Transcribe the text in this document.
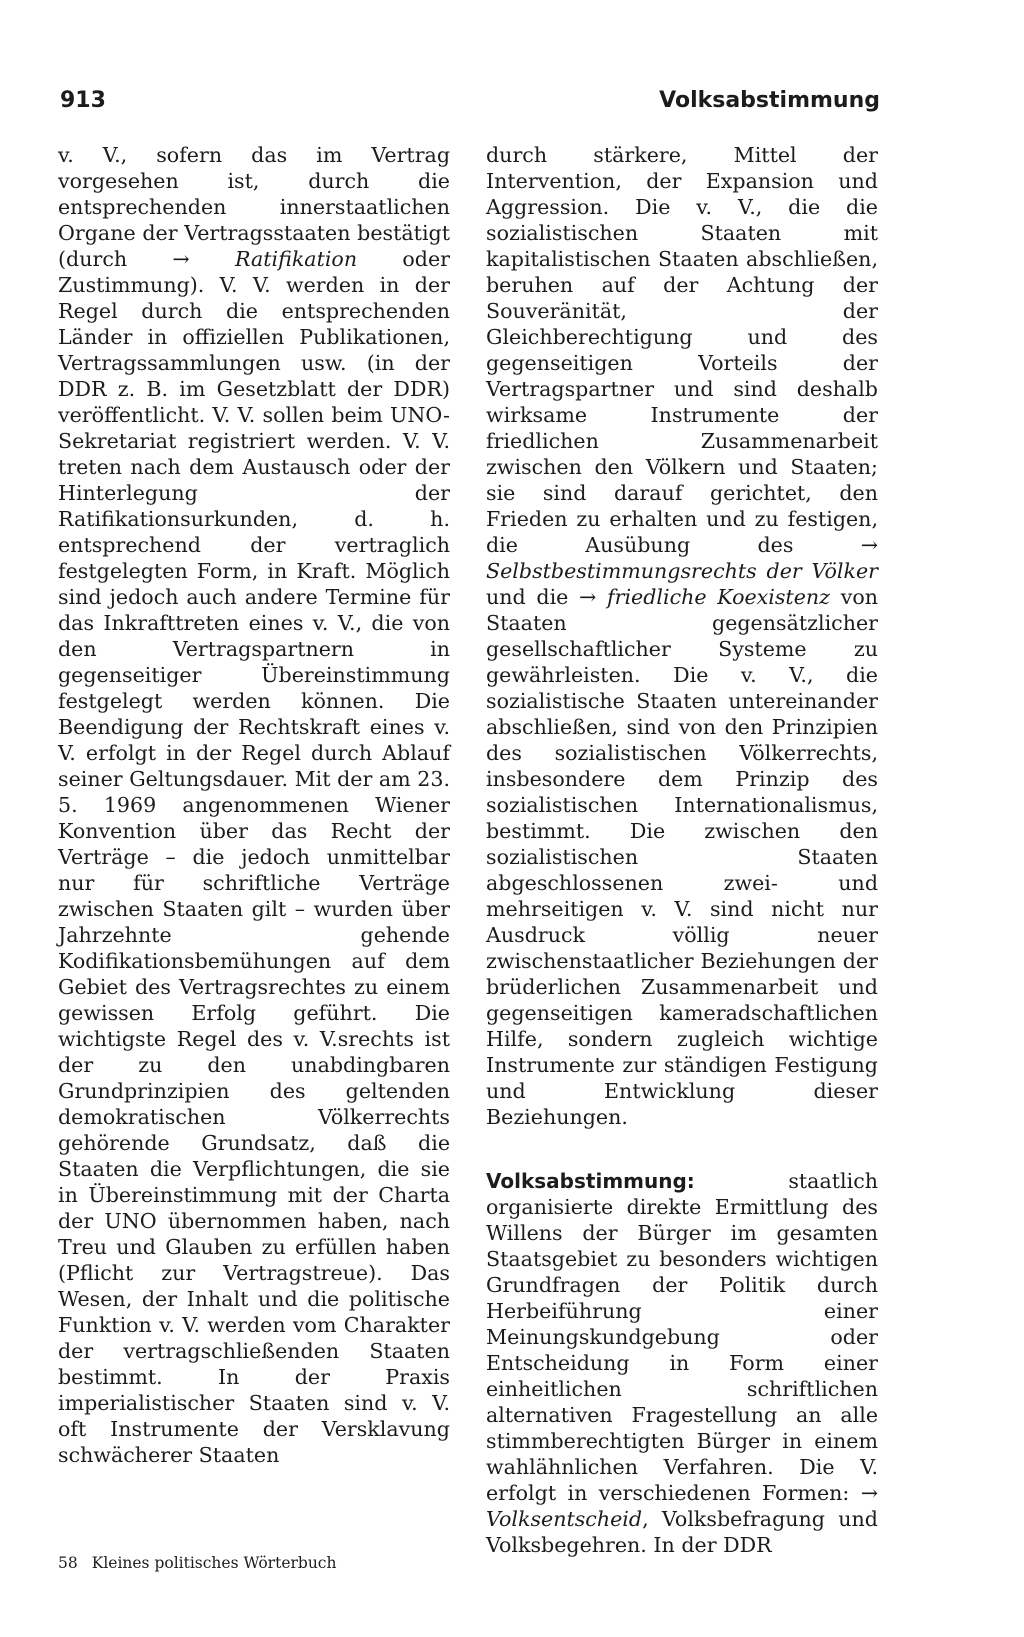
913	Volksabstimmung

v. V., sofern das im Vertrag vorgesehen ist, durch die entsprechenden innerstaatlichen Organe der Vertragsstaaten bestätigt (durch → Ratifikation oder Zustimmung). V. V. werden in der Regel durch die entsprechenden Länder in offiziellen Publikationen, Vertragssammlungen usw. (in der DDR z. B. im Gesetzblatt der DDR) veröffentlicht. V. V. sollen beim UNO-Sekretariat registriert werden. V. V. treten nach dem Austausch oder der Hinterlegung der Ratifikationsurkunden, d. h. entsprechend der vertraglich festgelegten Form, in Kraft. Möglich sind jedoch auch andere Termine für das Inkrafttreten eines v. V., die von den Vertragspartnern in gegenseitiger Übereinstimmung festgelegt werden können. Die Beendigung der Rechtskraft eines v. V. erfolgt in der Regel durch Ablauf seiner Geltungsdauer. Mit der am 23. 5. 1969 angenommenen Wiener Konvention über das Recht der Verträge – die jedoch unmittelbar nur für schriftliche Verträge zwischen Staaten gilt – wurden über Jahrzehnte gehende Kodifikationsbemühungen auf dem Gebiet des Vertragsrechtes zu einem gewissen Erfolg geführt. Die wichtigste Regel des v. V.srechts ist der zu den unabdingbaren Grundprinzipien des geltenden demokratischen Völkerrechts gehörende Grundsatz, daß die Staaten die Verpflichtungen, die sie in Übereinstimmung mit der Charta der UNO übernommen haben, nach Treu und Glauben zu erfüllen haben (Pflicht zur Vertragstreue). Das Wesen, der Inhalt und die politische Funktion v. V. werden vom Charakter der vertragschließenden Staaten bestimmt. In der Praxis imperialistischer Staaten sind v. V. oft Instrumente der Versklavung schwächerer Staaten

durch stärkere, Mittel der Intervention, der Expansion und Aggression. Die v. V., die die sozialistischen Staaten mit kapitalistischen Staaten abschließen, beruhen auf der Achtung der Souveränität, der Gleichberechtigung und des gegenseitigen Vorteils der Vertragspartner und sind deshalb wirksame Instrumente der friedlichen Zusammenarbeit zwischen den Völkern und Staaten; sie sind darauf gerichtet, den Frieden zu erhalten und zu festigen, die Ausübung des → Selbstbestimmungsrechts der Völker und die → friedliche Koexistenz von Staaten gegensätzlicher gesellschaftlicher Systeme zu gewährleisten. Die v. V., die sozialistische Staaten untereinander abschließen, sind von den Prinzipien des sozialistischen Völkerrechts, insbesondere dem Prinzip des sozialistischen Internationalismus, bestimmt. Die zwischen den sozialistischen Staaten abgeschlossenen zwei- und mehrseitigen v. V. sind nicht nur Ausdruck völlig neuer zwischenstaatlicher Beziehungen der brüderlichen Zusammenarbeit und gegenseitigen kameradschaftlichen Hilfe, sondern zugleich wichtige Instrumente zur ständigen Festigung und Entwicklung dieser Beziehungen.

Volksabstimmung: staatlich organisierte direkte Ermittlung des Willens der Bürger im gesamten Staatsgebiet zu besonders wichtigen Grundfragen der Politik durch Herbeiführung einer Meinungskundgebung oder Entscheidung in Form einer einheitlichen schriftlichen alternativen Fragestellung an alle stimmberechtigten Bürger in einem wahlähnlichen Verfahren. Die V. erfolgt in verschiedenen Formen: → Volksentscheid, Volksbefragung und Volksbegehren. In der DDR

58 Kleines politisches Wörterbuch
